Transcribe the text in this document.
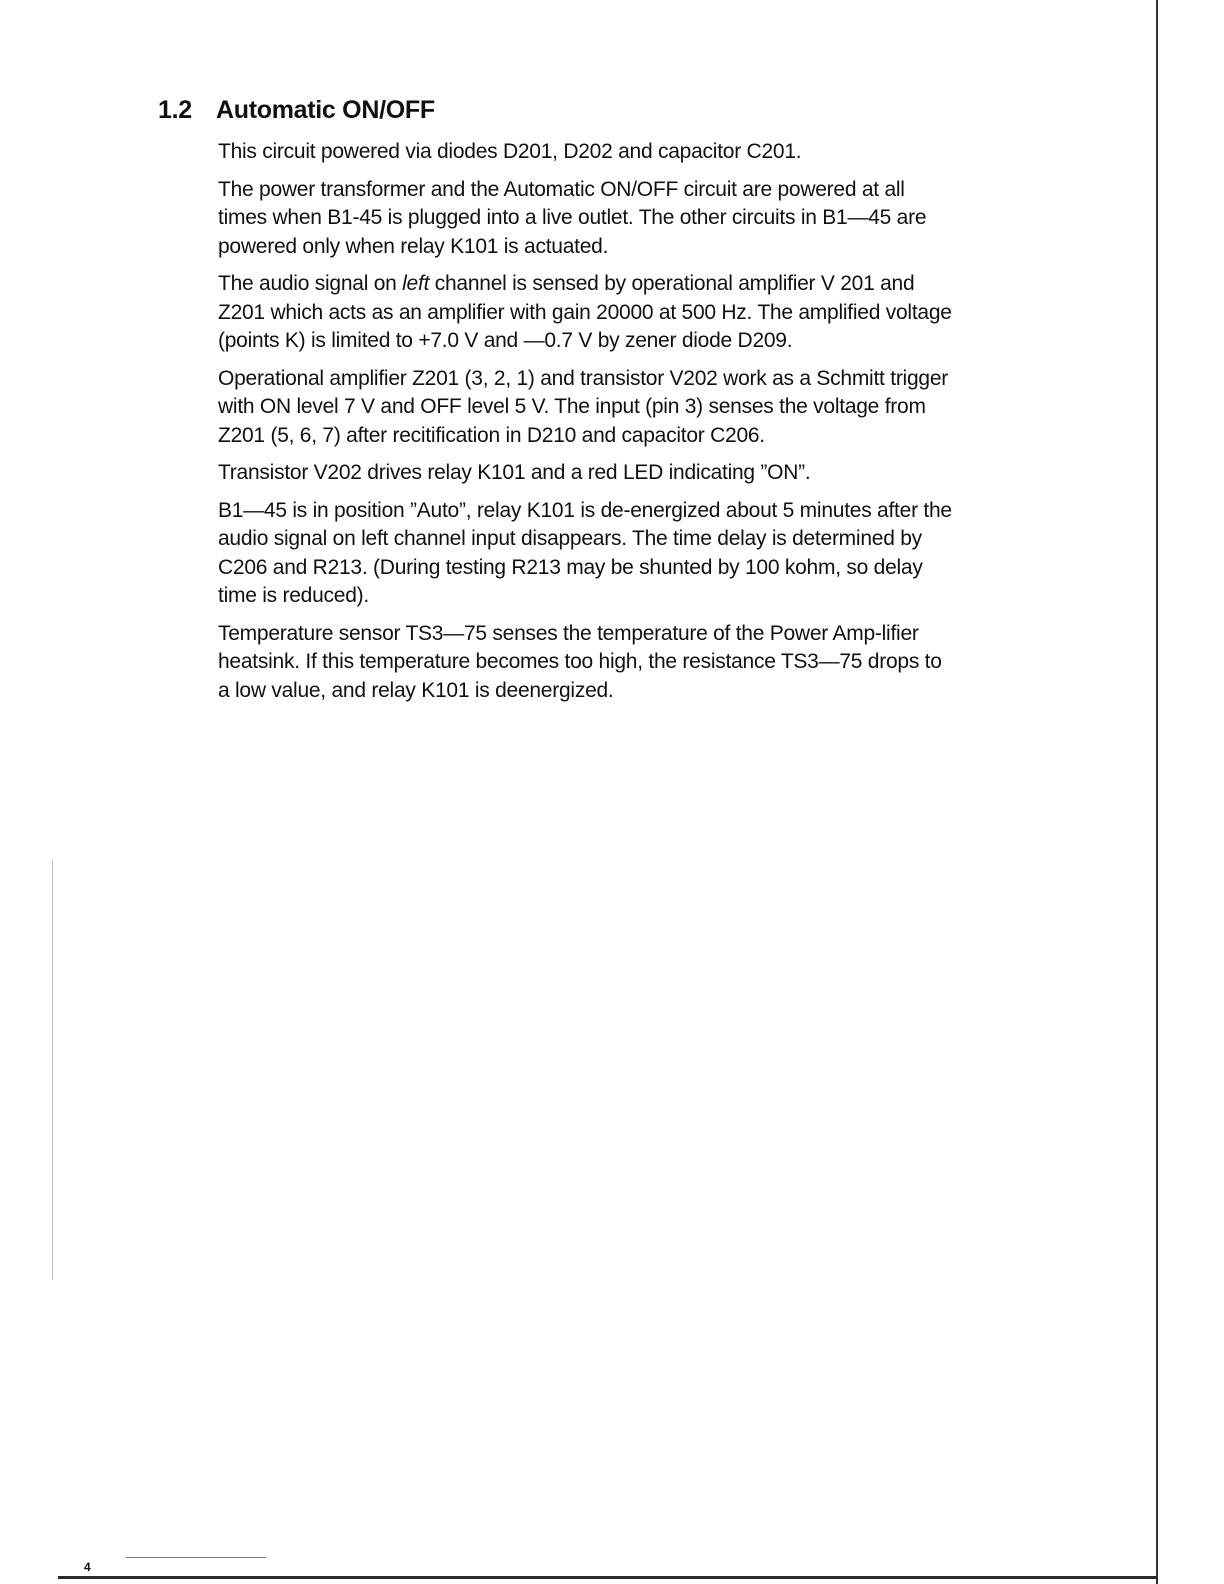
1.2 Automatic ON/OFF

This circuit powered via diodes D201, D202 and capacitor C201.

The power transformer and the Automatic ON/OFF circuit are powered at all times when B1-45 is plugged into a live outlet. The other circuits in B1—45 are powered only when relay K101 is actuated.

The audio signal on left channel is sensed by operational amplifier V 201 and Z201 which acts as an amplifier with gain 20000 at 500 Hz. The amplified voltage (points K) is limited to +7.0 V and —0.7 V by zener diode D209.

Operational amplifier Z201 (3, 2, 1) and transistor V202 work as a Schmitt trigger with ON level 7 V and OFF level 5 V. The input (pin 3) senses the voltage from Z201 (5, 6, 7) after recitification in D210 and capacitor C206.

Transistor V202 drives relay K101 and a red LED indicating ”ON”.

B1—45 is in position ”Auto”, relay K101 is de-energized about 5 minutes after the audio signal on left channel input disappears. The time delay is determined by C206 and R213. (During testing R213 may be shunted by 100 kohm, so delay time is reduced).

Temperature sensor TS3—75 senses the temperature of the Power Amp-lifier heatsink. If this temperature becomes too high, the resistance TS3—75 drops to a low value, and relay K101 is deenergized.

4
